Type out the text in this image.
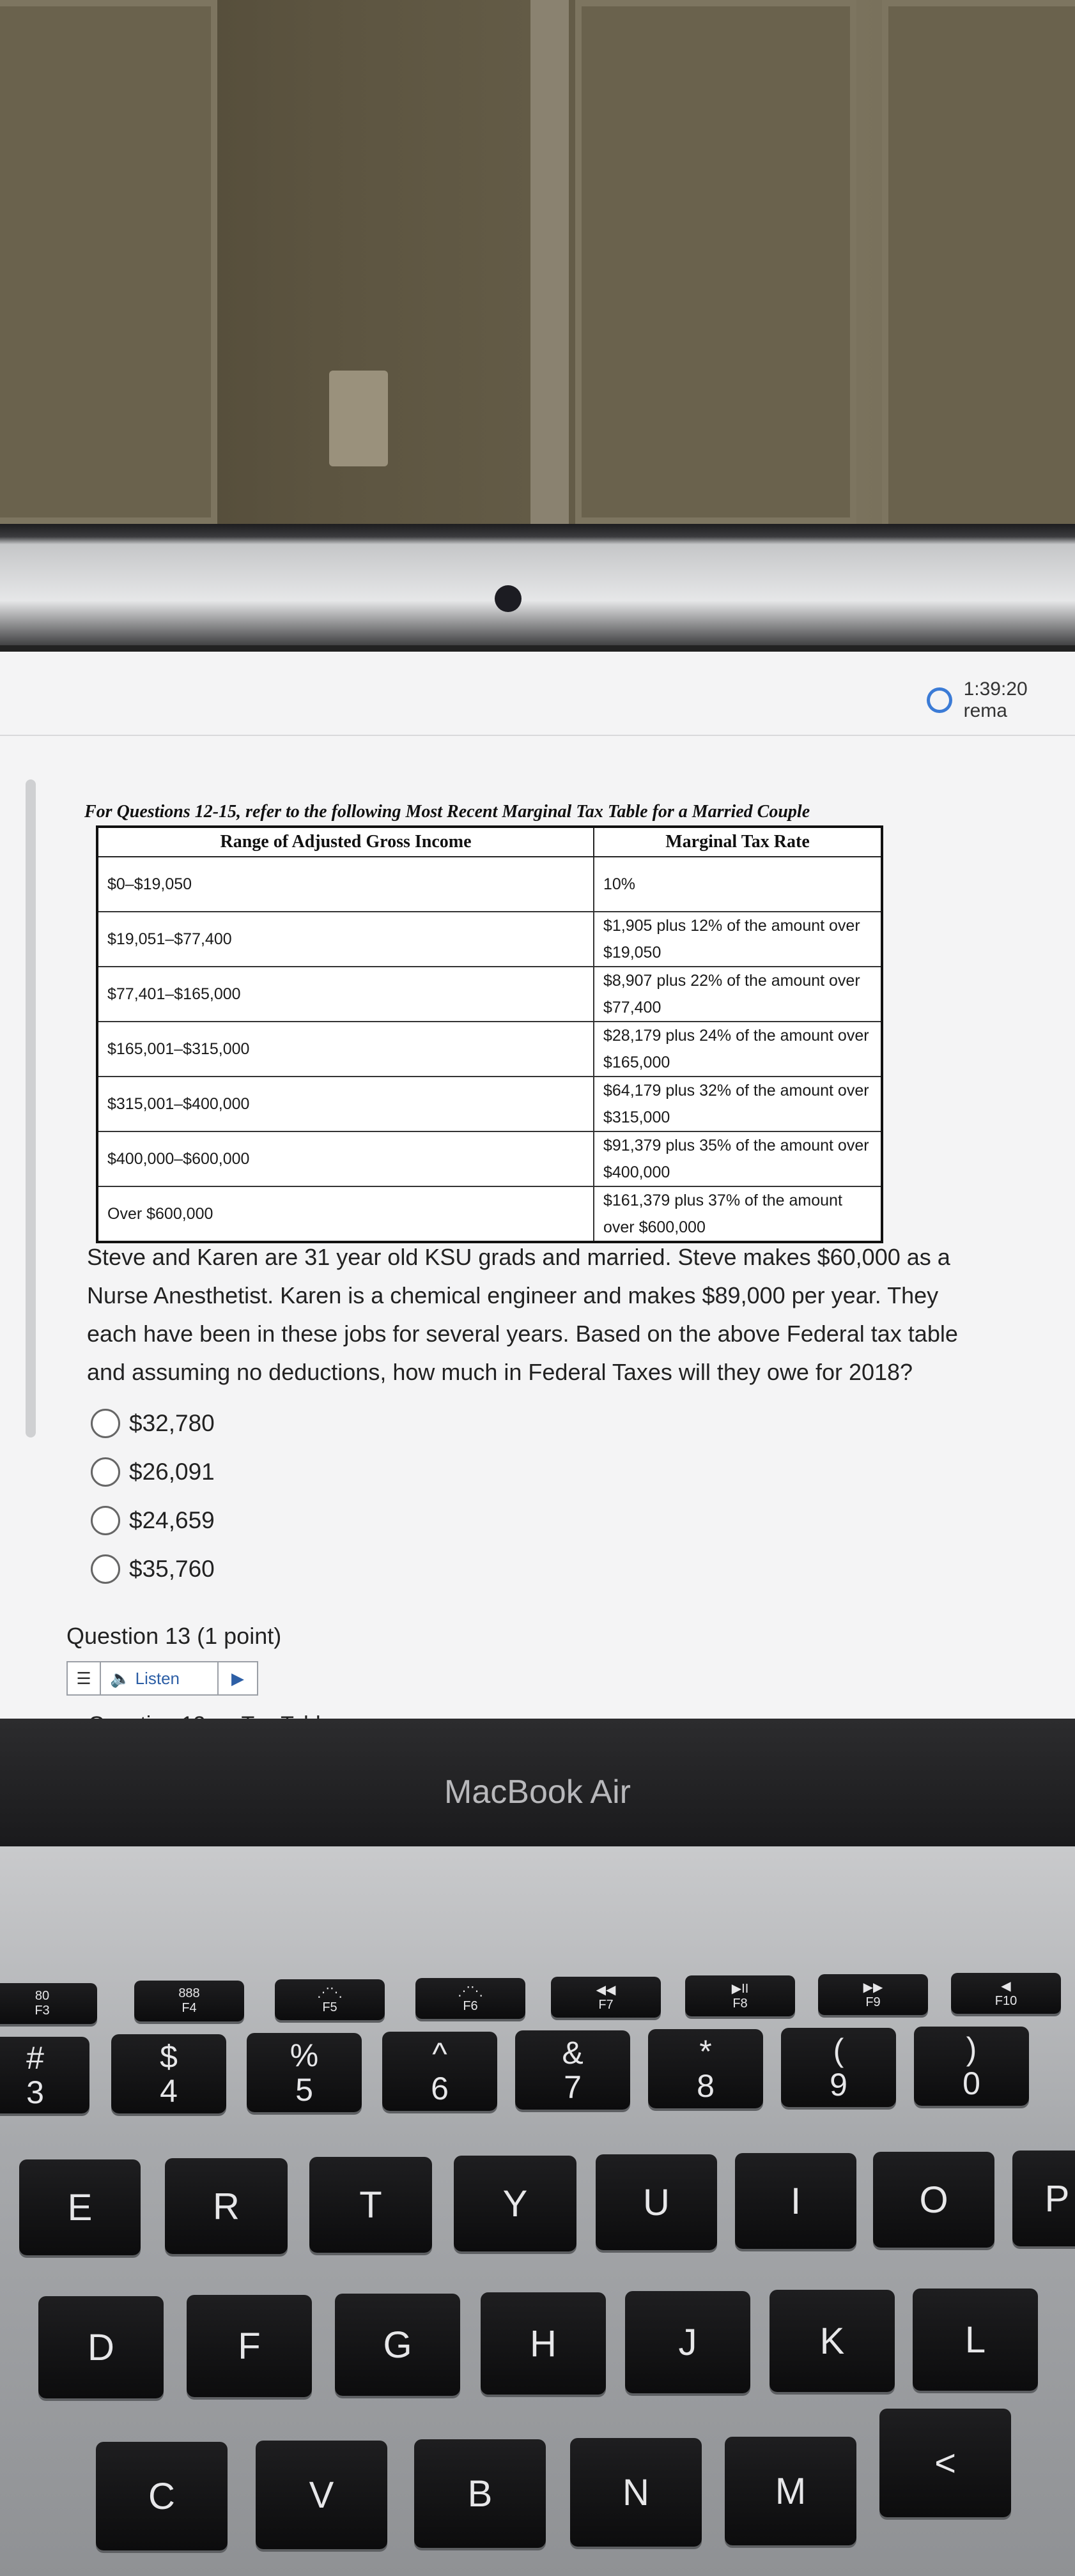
1:39:20 rema
For Questions 12-15, refer to the following Most Recent Marginal Tax Table for a Married Couple
Range of Adjusted Gross Income	Marginal Tax Rate
$0–$19,050	10%
$19,051–$77,400	$1,905 plus 12% of the amount over $19,050
$77,401–$165,000	$8,907 plus 22% of the amount over $77,400
$165,001–$315,000	$28,179 plus 24% of the amount over $165,000
$315,001–$400,000	$64,179 plus 32% of the amount over $315,000
$400,000–$600,000	$91,379 plus 35% of the amount over $400,000
Over $600,000	$161,379 plus 37% of the amount over $600,000
Steve and Karen are 31 year old KSU grads and married. Steve makes $60,000 as a Nurse Anesthetist. Karen is a chemical engineer and makes $89,000 per year. They each have been in these jobs for several years. Based on the above Federal tax table and assuming no deductions, how much in Federal Taxes will they owe for 2018?
$32,780
$26,091
$24,659
$35,760
Question 13 (1 point)
☰	🔈 Listen	▶
MacBook Air
80
F3
888
F4
⋰⋱
F5
⋰⋱
F6
◀◀
F7
▶II
F8
▶▶
F9
◀
F10
#
3
$
4
%
5
^
6
&
7
*
8
(
9
)
0
E	R	T	Y	U	I	O	P
D	F	G	H	J	K	L
C	V	B	N	M
<
